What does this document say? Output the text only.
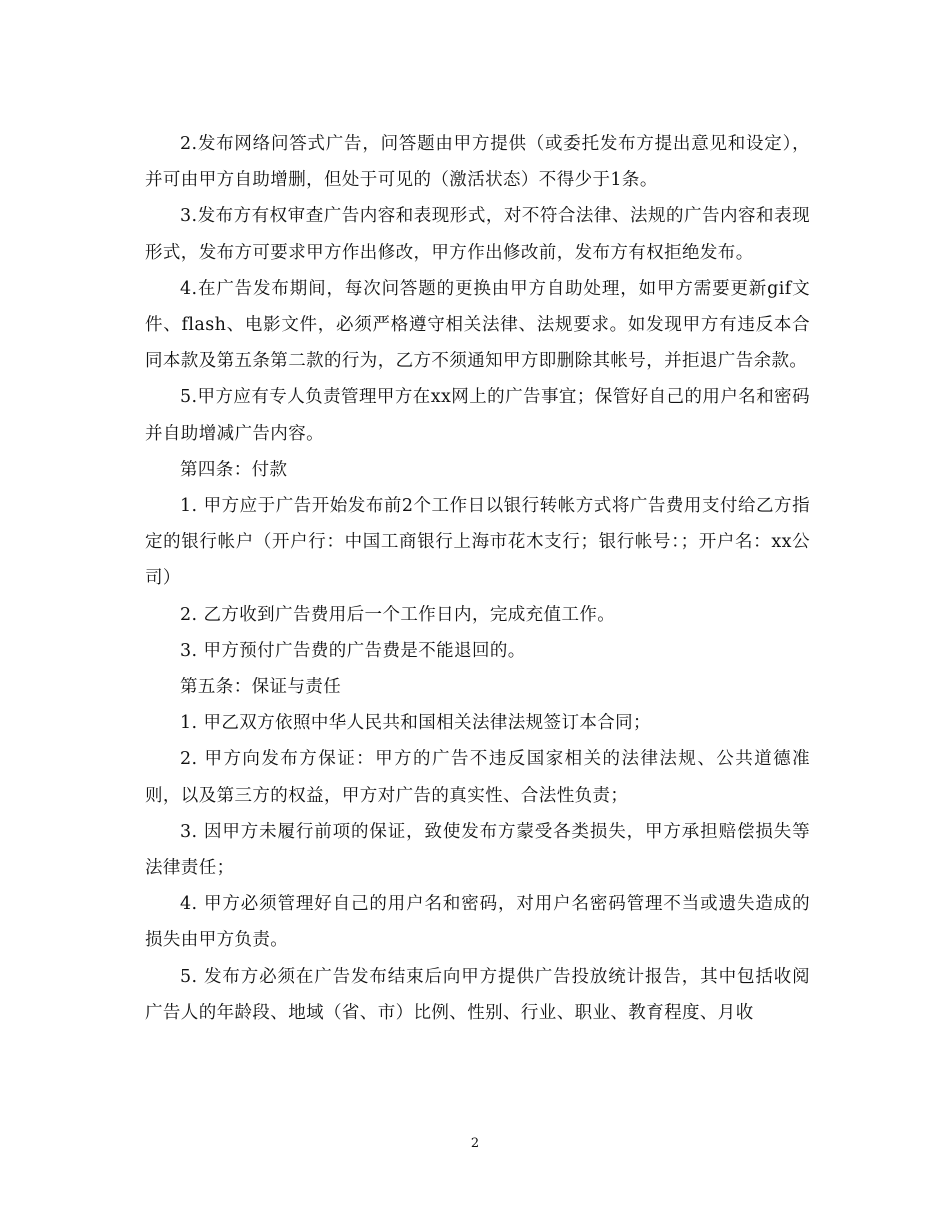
2.发布网络问答式广告，问答题由甲方提供（或委托发布方提出意见和设定），并可由甲方自助增删，但处于可见的（激活状态）不得少于1条。

3.发布方有权审查广告内容和表现形式，对不符合法律、法规的广告内容和表现形式，发布方可要求甲方作出修改，甲方作出修改前，发布方有权拒绝发布。

4.在广告发布期间，每次问答题的更换由甲方自助处理，如甲方需要更新gif文件、flash、电影文件，必须严格遵守相关法律、法规要求。如发现甲方有违反本合同本款及第五条第二款的行为，乙方不须通知甲方即删除其帐号，并拒退广告余款。

5.甲方应有专人负责管理甲方在xx网上的广告事宜；保管好自己的用户名和密码并自助增减广告内容。

第四条：付款

1. 甲方应于广告开始发布前2个工作日以银行转帐方式将广告费用支付给乙方指定的银行帐户（开户行：中国工商银行上海市花木支行；银行帐号：；开户名：xx公司）

2. 乙方收到广告费用后一个工作日内，完成充值工作。

3. 甲方预付广告费的广告费是不能退回的。

第五条：保证与责任

1. 甲乙双方依照中华人民共和国相关法律法规签订本合同；

2. 甲方向发布方保证：甲方的广告不违反国家相关的法律法规、公共道德准则，以及第三方的权益，甲方对广告的真实性、合法性负责；

3. 因甲方未履行前项的保证，致使发布方蒙受各类损失，甲方承担赔偿损失等法律责任；

4. 甲方必须管理好自己的用户名和密码，对用户名密码管理不当或遗失造成的损失由甲方负责。

5. 发布方必须在广告发布结束后向甲方提供广告投放统计报告，其中包括收阅广告人的年龄段、地域（省、市）比例、性别、行业、职业、教育程度、月收

2
